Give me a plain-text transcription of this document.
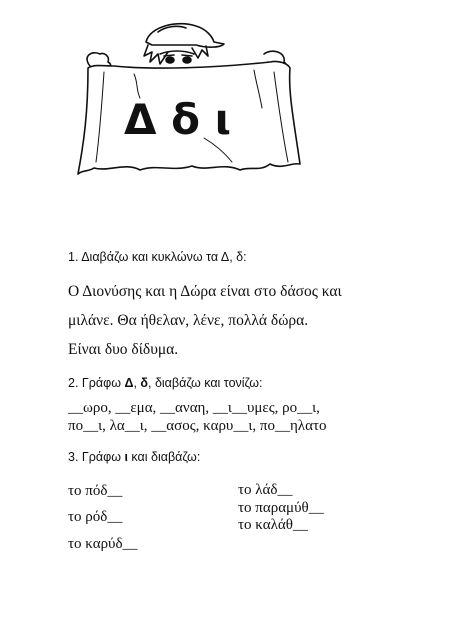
Δ δ ι
1. Διαβάζω και κυκλώνω τα Δ, δ:
Ο Διονύσης και η Δώρα είναι στο δάσος και
μιλάνε. Θα ήθελαν, λένε, πολλά δώρα.
Είναι δυο δίδυμα.
2. Γράφω Δ, δ, διαβάζω και τονίζω:
__ωρο, __εμα, __αναη, __ι__υμες, ρο__ι,
πο__ι, λα__ι, __ασος, καρυ__ι, πο__ηλατο
3. Γράφω ι και διαβάζω:
το πόδ__
το ρόδ__
το καρύδ__
το λάδ__
το παραμύθ__
το καλάθ__
